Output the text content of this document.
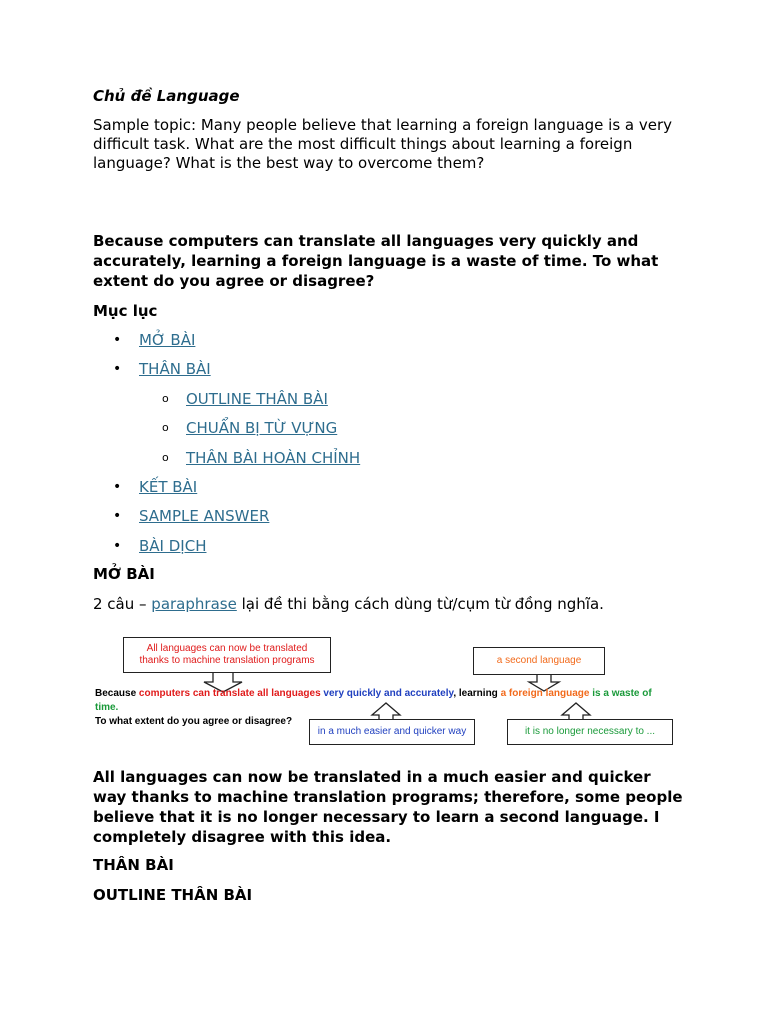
Chủ đề Language

Sample topic: Many people believe that learning a foreign language is a very difficult task. What are the most difficult things about learning a foreign language? What is the best way to overcome them?

Because computers can translate all languages very quickly and accurately, learning a foreign language is a waste of time. To what extent do you agree or disagree?

Mục lục

• MỞ BÀI
• THÂN BÀI
o OUTLINE THÂN BÀI
o CHUẨN BỊ TỪ VỰNG
o THÂN BÀI HOÀN CHỈNH
• KẾT BÀI
• SAMPLE ANSWER
• BÀI DỊCH

MỞ BÀI

2 câu – paraphrase lại đề thi bằng cách dùng từ/cụm từ đồng nghĩa.

All languages can now be translated
thanks to machine translation programs	a second language
Because computers can translate all languages very quickly and accurately, learning a foreign language is a waste of time.
To what extent do you agree or disagree?
in a much easier and quicker way	it is no longer necessary to ...

All languages can now be translated in a much easier and quicker way thanks to machine translation programs; therefore, some people believe that it is no longer necessary to learn a second language. I completely disagree with this idea.

THÂN BÀI

OUTLINE THÂN BÀI
